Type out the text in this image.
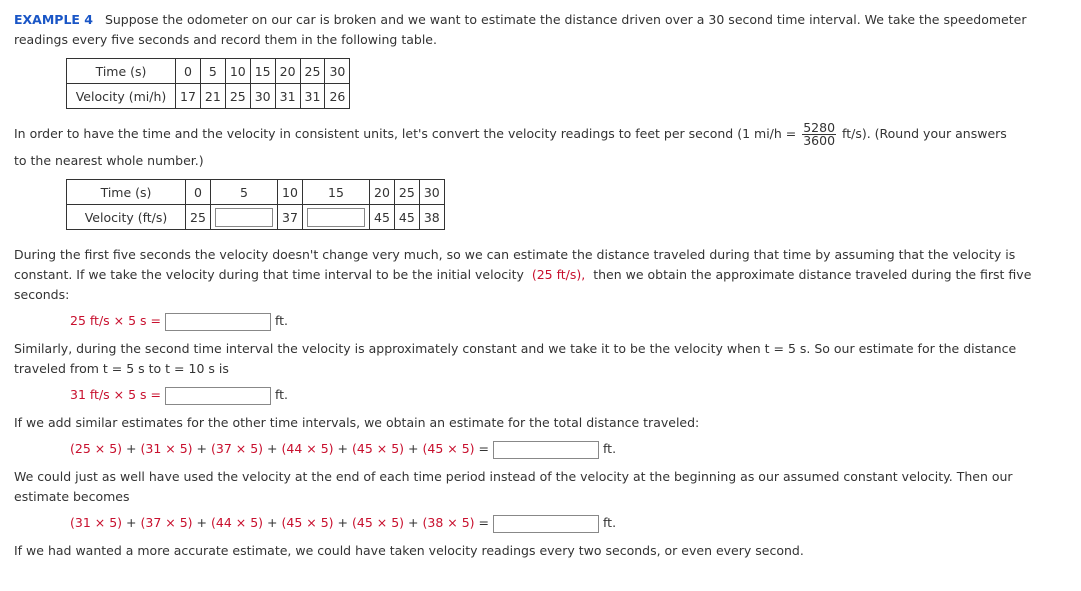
EXAMPLE 4 Suppose the odometer on our car is broken and we want to estimate the distance driven over a 30 second time interval. We take the speedometer

readings every five seconds and record them in the following table.

Time (s)	0	5	10	15	20	25	30
Velocity (mi/h)	17	21	25	30	31	31	26

In order to have the time and the velocity in consistent units, let's convert the velocity readings to feet per second (1 $mi/h = \frac{5280}{3600} ft/s$). (Round your answers

to the nearest whole number.)

Time (s)	0	5	10	15	20	25	30
Velocity (ft/s)	25		37		45	45	38

During the first five seconds the velocity doesn't change very much, so we can estimate the distance traveled during that time by assuming that the velocity is

constant. If we take the velocity during that time interval to be the initial velocity (25 ft/s), then we obtain the approximate distance traveled during the first five

seconds:

25 ft/s × 5 s =	ft.

Similarly, during the second time interval the velocity is approximately constant and we take it to be the velocity when t = 5 s. So our estimate for the distance

traveled from t = 5 s to t = 10 s is

31 ft/s × 5 s =	ft.

If we add similar estimates for the other time intervals, we obtain an estimate for the total distance traveled:

(25 × 5) + (31 × 5) + (37 × 5) + (44 × 5) + (45 × 5) + (45 × 5) =	ft.

We could just as well have used the velocity at the end of each time period instead of the velocity at the beginning as our assumed constant velocity. Then our

estimate becomes

(31 × 5) + (37 × 5) + (44 × 5) + (45 × 5) + (45 × 5) + (38 × 5) =	ft.

If we had wanted a more accurate estimate, we could have taken velocity readings every two seconds, or even every second.
